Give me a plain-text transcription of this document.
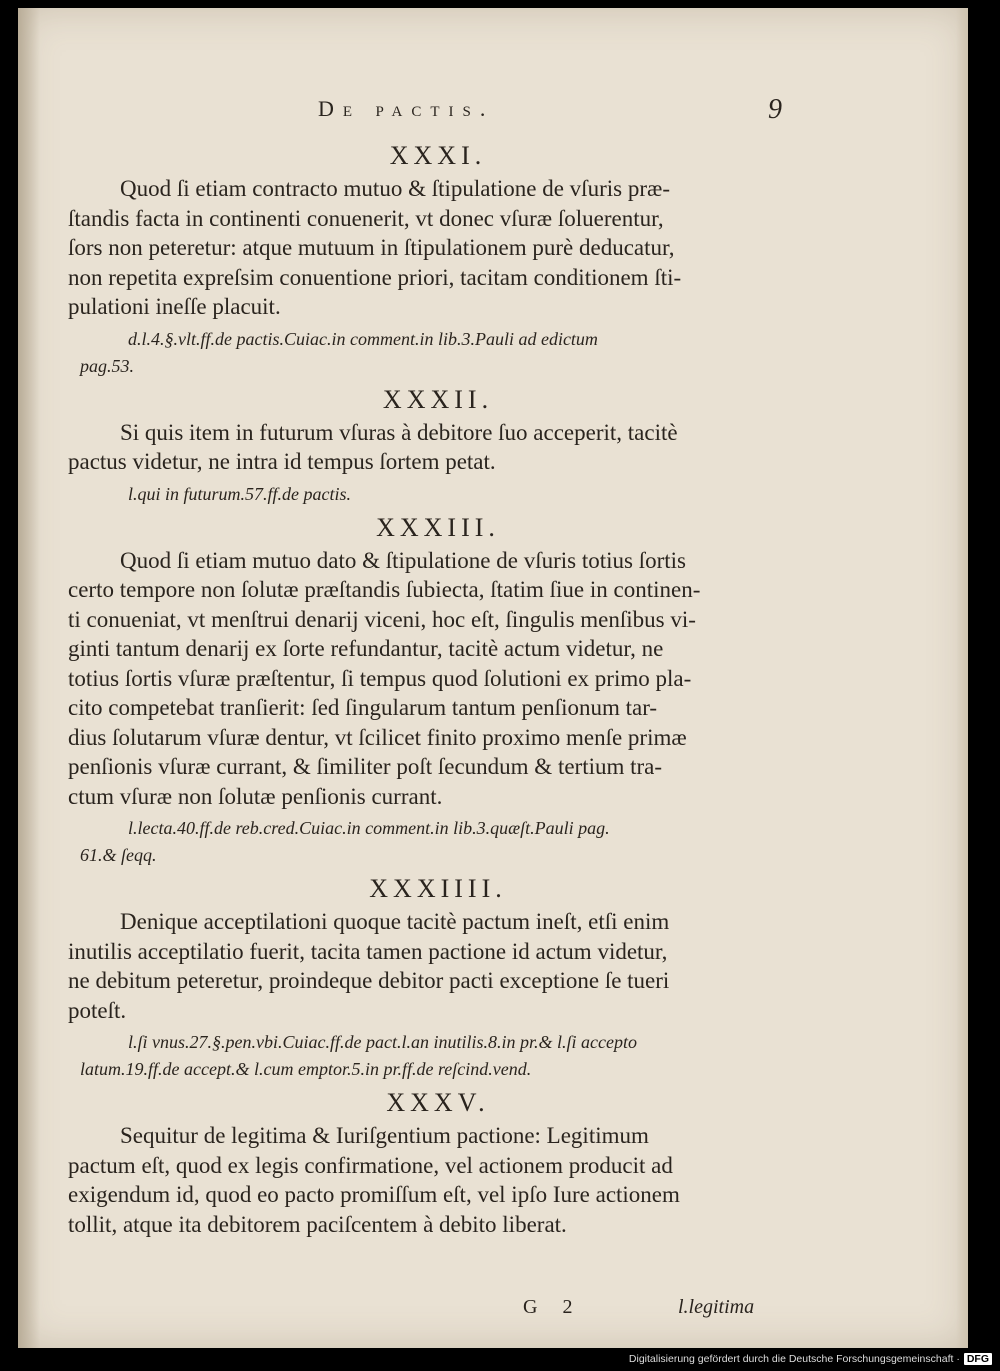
De pactis.	9
XXXI.
Quod ſi etiam contracto mutuo & ſtipulatione de vſuris præ-
ſtandis facta in continenti conuenerit, vt donec vſuræ ſoluerentur,
ſors non peteretur: atque mutuum in ſtipulationem purè deducatur,
non repetita expreſsim conuentione priori, tacitam conditionem ſti-
pulationi ineſſe placuit.
d.l.4.§.vlt.ff.de pactis.Cuiac.in comment.in lib.3.Pauli ad edictum
pag.53.
XXXII.
Si quis item in futurum vſuras à debitore ſuo acceperit, tacitè
pactus videtur, ne intra id tempus ſortem petat.
l.qui in futurum.57.ff.de pactis.
XXXIII.
Quod ſi etiam mutuo dato & ſtipulatione de vſuris totius ſortis
certo tempore non ſolutæ præſtandis ſubiecta, ſtatim ſiue in continen-
ti conueniat, vt menſtrui denarij viceni, hoc eſt, ſingulis menſibus vi-
ginti tantum denarij ex ſorte refundantur, tacitè actum videtur, ne
totius ſortis vſuræ præſtentur, ſi tempus quod ſolutioni ex primo pla-
cito competebat tranſierit: ſed ſingularum tantum penſionum tar-
dius ſolutarum vſuræ dentur, vt ſcilicet finito proximo menſe primæ
penſionis vſuræ currant, & ſimiliter poſt ſecundum & tertium tra-
ctum vſuræ non ſolutæ penſionis currant.
l.lecta.40.ff.de reb.cred.Cuiac.in comment.in lib.3.quæſt.Pauli pag.
61.& ſeqq.
XXXIIII.
Denique acceptilationi quoque tacitè pactum ineſt, etſi enim
inutilis acceptilatio fuerit, tacita tamen pactione id actum videtur,
ne debitum peteretur, proindeque debitor pacti exceptione ſe tueri
poteſt.
l.ſi vnus.27.§.pen.vbi.Cuiac.ff.de pact.l.an inutilis.8.in pr.& l.ſi accepto
latum.19.ff.de accept.& l.cum emptor.5.in pr.ff.de reſcind.vend.
XXXV.
Sequitur de legitima & Iuriſgentium pactione: Legitimum
pactum eſt, quod ex legis confirmatione, vel actionem producit ad
exigendum id, quod eo pacto promiſſum eſt, vel ipſo Iure actionem
tollit, atque ita debitorem paciſcentem à debito liberat.
G 2	l.legitima
Digitalisierung gefördert durch die Deutsche Forschungsgemeinschaft · DFG
